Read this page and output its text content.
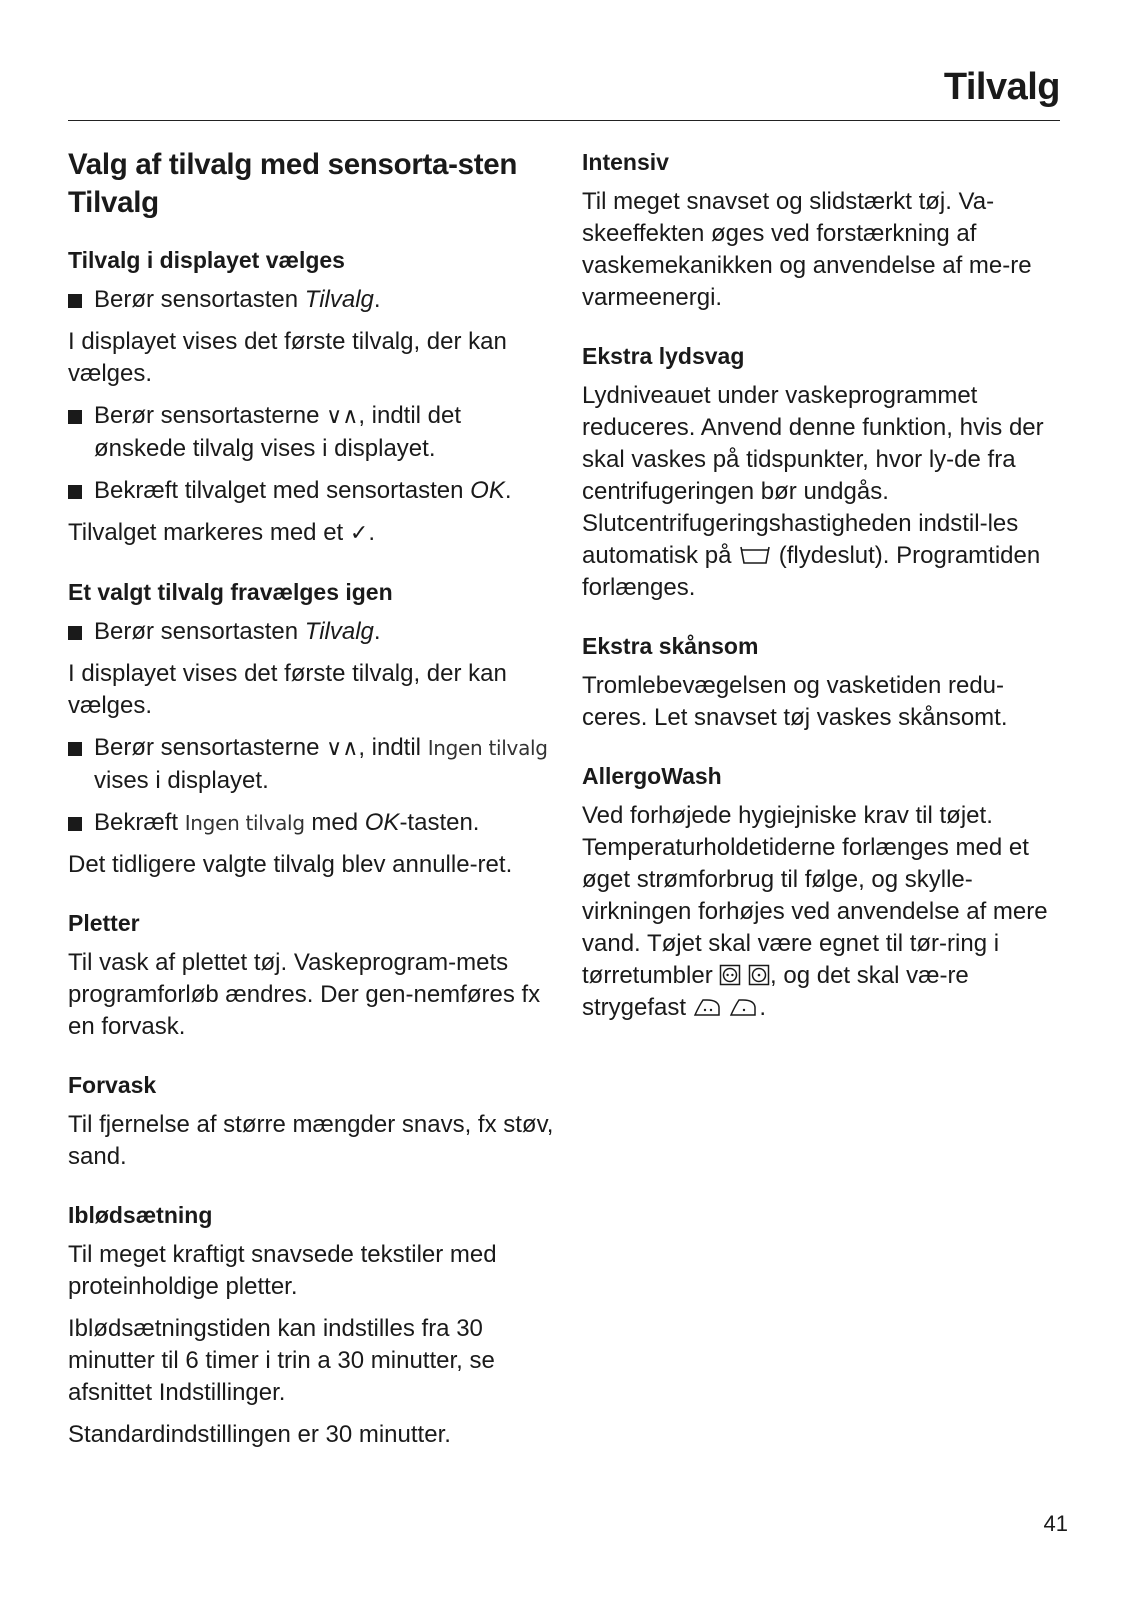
Tilvalg
Valg af tilvalg med sensorta-sten Tilvalg
Tilvalg i displayet vælges
Berør sensortasten Tilvalg.

I displayet vises det første tilvalg, der kan vælges.

Berør sensortasterne ∨∧, indtil det ønskede tilvalg vises i displayet.
Bekræft tilvalget med sensortasten OK.

Tilvalget markeres med et ✓.

Et valgt tilvalg fravælges igen
Berør sensortasten Tilvalg.

I displayet vises det første tilvalg, der kan vælges.

Berør sensortasterne ∨∧, indtil Ingen tilvalg vises i displayet.
Bekræft Ingen tilvalg med OK-tasten.

Det tidligere valgte tilvalg blev annulle-ret.

Pletter

Til vask af plettet tøj. Vaskeprogram-mets programforløb ændres. Der gen-nemføres fx en forvask.

Forvask

Til fjernelse af større mængder snavs, fx støv, sand.

Iblødsætning

Til meget kraftigt snavsede tekstiler med proteinholdige pletter.

Iblødsætningstiden kan indstilles fra 30 minutter til 6 timer i trin a 30 minutter, se afsnittet Indstillinger.

Standardindstillingen er 30 minutter.

Intensiv

Til meget snavset og slidstærkt tøj. Va-skeeffekten øges ved forstærkning af vaskemekanikken og anvendelse af me-re varmeenergi.

Ekstra lydsvag

Lydniveauet under vaskeprogrammet reduceres. Anvend denne funktion, hvis der skal vaskes på tidspunkter, hvor ly-de fra centrifugeringen bør undgås. Slutcentrifugeringshastigheden indstil-les automatisk på  (flydeslut). Programtiden forlænges.

Ekstra skånsom

Tromlebevægelsen og vasketiden redu-ceres. Let snavset tøj vaskes skånsomt.

AllergoWash

Ved forhøjede hygiejniske krav til tøjet. Temperaturholdetiderne forlænges med et øget strømforbrug til følge, og skylle-virkningen forhøjes ved anvendelse af mere vand. Tøjet skal være egnet til tør-ring i tørretumbler  , og det skal væ-re strygefast	.

41
